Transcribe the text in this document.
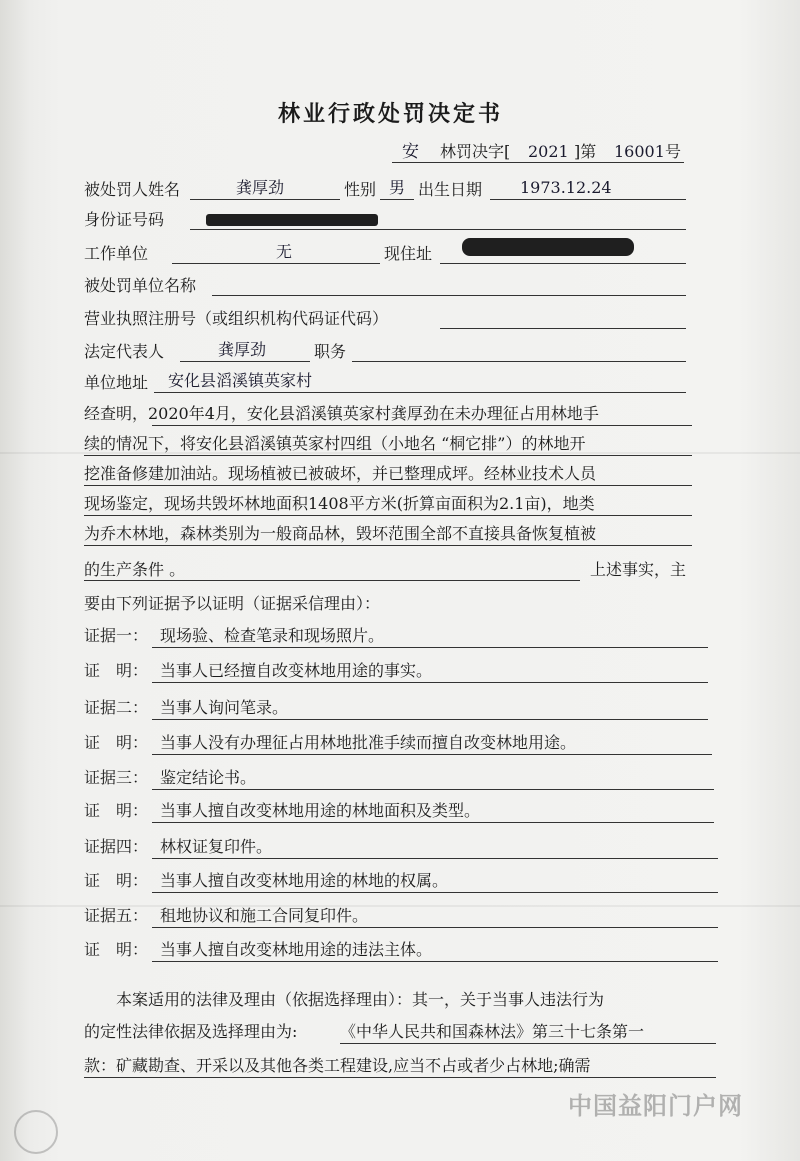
林业行政处罚决定书
安 林罚决字[ 2021 ]第 16001 号
被处罚人姓名	龚厚劲	性别 男 出生日期 1973.12.24
身份证号码
工作单位	无	现住址
被处罚单位名称
营业执照注册号（或组织机构代码证代码）
法定代表人	龚厚劲	职务
单位地址 安化县滔溪镇英家村
经查明，2020年4月，安化县滔溪镇英家村龚厚劲在未办理征占用林地手
续的情况下，将安化县滔溪镇英家村四组（小地名 “桐它排”）的林地开
挖准备修建加油站。现场植被已被破坏，并已整理成坪。经林业技术人员
现场鉴定，现场共毁坏林地面积1408平方米(折算亩面积为2.1亩)，地类
为乔木林地，森林类别为一般商品林，毁坏范围全部不直接具备恢复植被
的生产条件 。	上述事实，主
要由下列证据予以证明（证据采信理由）：
证据一： 现场验、检查笔录和现场照片。
证　明： 当事人已经擅自改变林地用途的事实。
证据二： 当事人询问笔录。
证　明： 当事人没有办理征占用林地批准手续而擅自改变林地用途。
证据三： 鉴定结论书。
证　明： 当事人擅自改变林地用途的林地面积及类型。
证据四： 林权证复印件。
证　明： 当事人擅自改变林地用途的林地的权属。
证据五： 租地协议和施工合同复印件。
证　明： 当事人擅自改变林地用途的违法主体。
本案适用的法律及理由（依据选择理由）：其一，关于当事人违法行为
的定性法律依据及选择理由为:	《中华人民共和国森林法》第三十七条第一
款：矿藏勘查、开采以及其他各类工程建设,应当不占或者少占林地;确需
中国益阳门户网
